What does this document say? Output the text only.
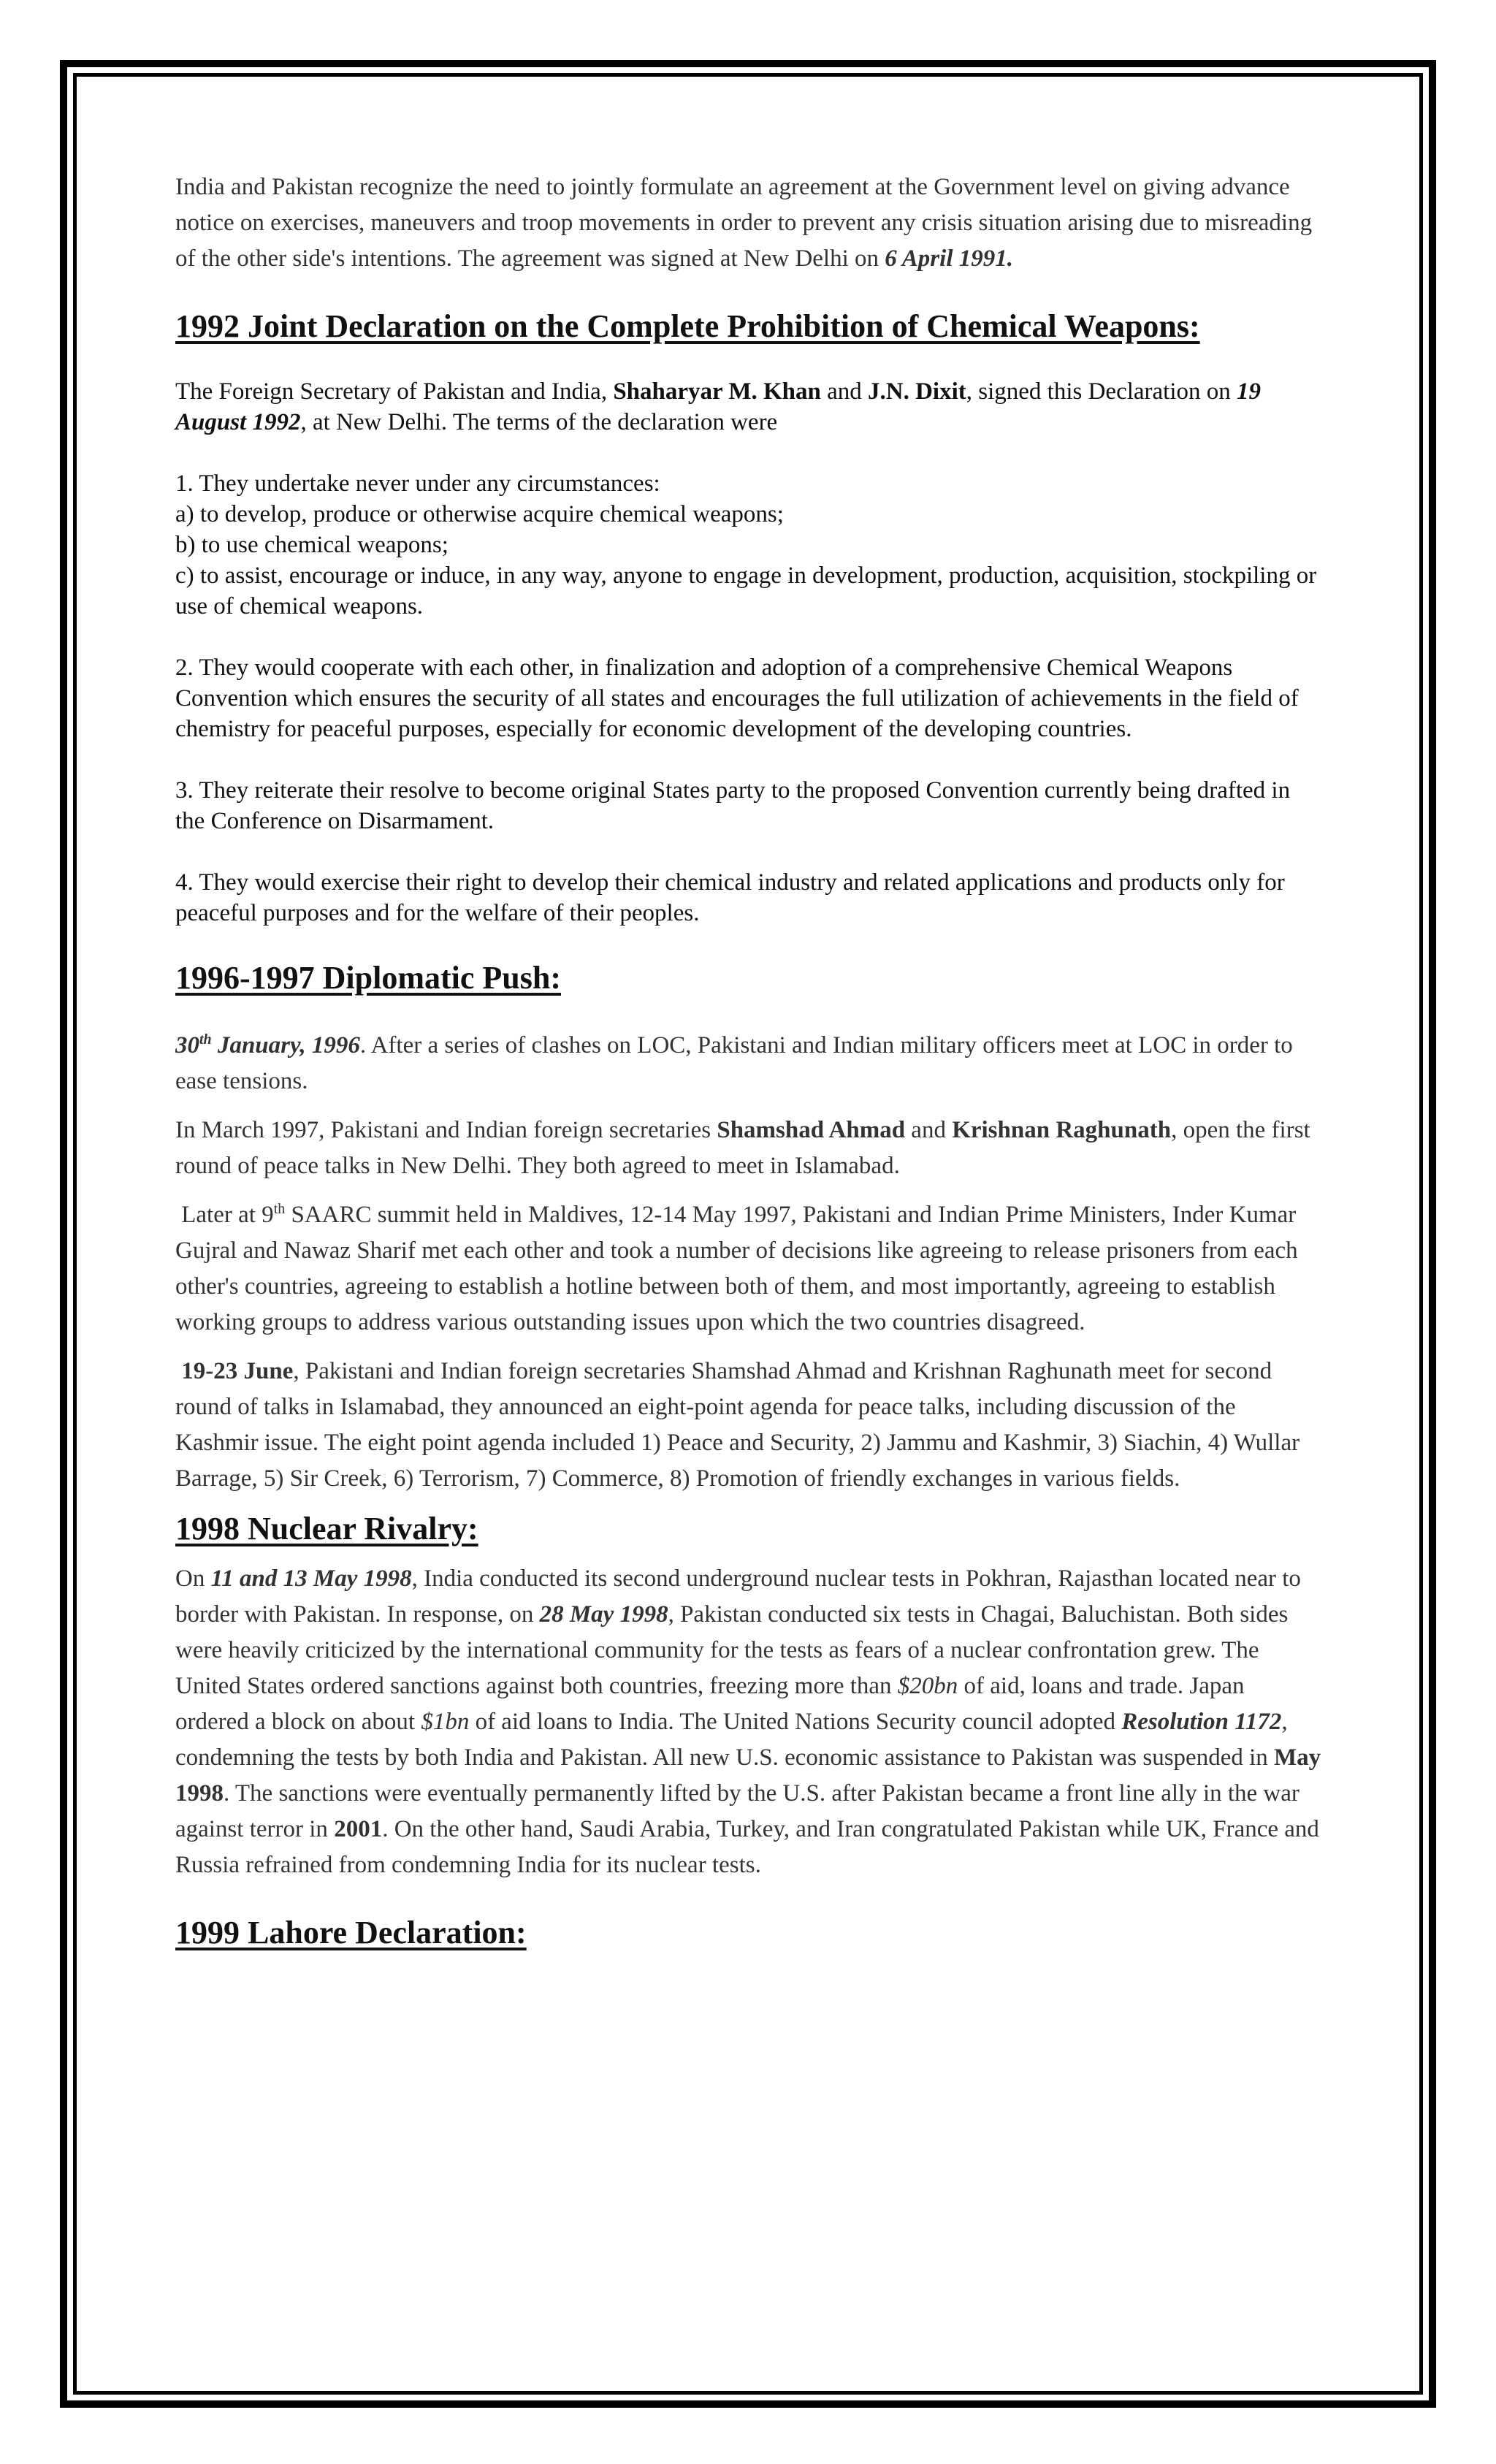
India and Pakistan recognize the need to jointly formulate an agreement at the Government level on giving advance notice on exercises, maneuvers and troop movements in order to prevent any crisis situation arising due to misreading of the other side's intentions. The agreement was signed at New Delhi on 6 April 1991.

1992 Joint Declaration on the Complete Prohibition of Chemical Weapons:

The Foreign Secretary of Pakistan and India, Shaharyar M. Khan and J.N. Dixit, signed this Declaration on 19 August 1992, at New Delhi. The terms of the declaration were

1. They undertake never under any circumstances:

a) to develop, produce or otherwise acquire chemical weapons;

b) to use chemical weapons;

c) to assist, encourage or induce, in any way, anyone to engage in development, production, acquisition, stockpiling or use of chemical weapons.

2. They would cooperate with each other, in finalization and adoption of a comprehensive Chemical Weapons Convention which ensures the security of all states and encourages the full utilization of achievements in the field of chemistry for peaceful purposes, especially for economic development of the developing countries.

3. They reiterate their resolve to become original States party to the proposed Convention currently being drafted in the Conference on Disarmament.

4. They would exercise their right to develop their chemical industry and related applications and products only for peaceful purposes and for the welfare of their peoples.

1996-1997 Diplomatic Push:

30th January, 1996. After a series of clashes on LOC, Pakistani and Indian military officers meet at LOC in order to ease tensions.

In March 1997, Pakistani and Indian foreign secretaries Shamshad Ahmad and Krishnan Raghunath, open the first round of peace talks in New Delhi. They both agreed to meet in Islamabad.

Later at 9th SAARC summit held in Maldives, 12-14 May 1997, Pakistani and Indian Prime Ministers, Inder Kumar Gujral and Nawaz Sharif met each other and took a number of decisions like agreeing to release prisoners from each other's countries, agreeing to establish a hotline between both of them, and most importantly, agreeing to establish working groups to address various outstanding issues upon which the two countries disagreed.

19-23 June, Pakistani and Indian foreign secretaries Shamshad Ahmad and Krishnan Raghunath meet for second round of talks in Islamabad, they announced an eight-point agenda for peace talks, including discussion of the Kashmir issue. The eight point agenda included 1) Peace and Security, 2) Jammu and Kashmir, 3) Siachin, 4) Wullar Barrage, 5) Sir Creek, 6) Terrorism, 7) Commerce, 8) Promotion of friendly exchanges in various fields.

1998 Nuclear Rivalry:

On 11 and 13 May 1998, India conducted its second underground nuclear tests in Pokhran, Rajasthan located near to border with Pakistan. In response, on 28 May 1998, Pakistan conducted six tests in Chagai, Baluchistan. Both sides were heavily criticized by the international community for the tests as fears of a nuclear confrontation grew. The United States ordered sanctions against both countries, freezing more than $20bn of aid, loans and trade. Japan ordered a block on about $1bn of aid loans to India. The United Nations Security council adopted Resolution 1172, condemning the tests by both India and Pakistan. All new U.S. economic assistance to Pakistan was suspended in May 1998. The sanctions were eventually permanently lifted by the U.S. after Pakistan became a front line ally in the war against terror in 2001. On the other hand, Saudi Arabia, Turkey, and Iran congratulated Pakistan while UK, France and Russia refrained from condemning India for its nuclear tests.

1999 Lahore Declaration:
